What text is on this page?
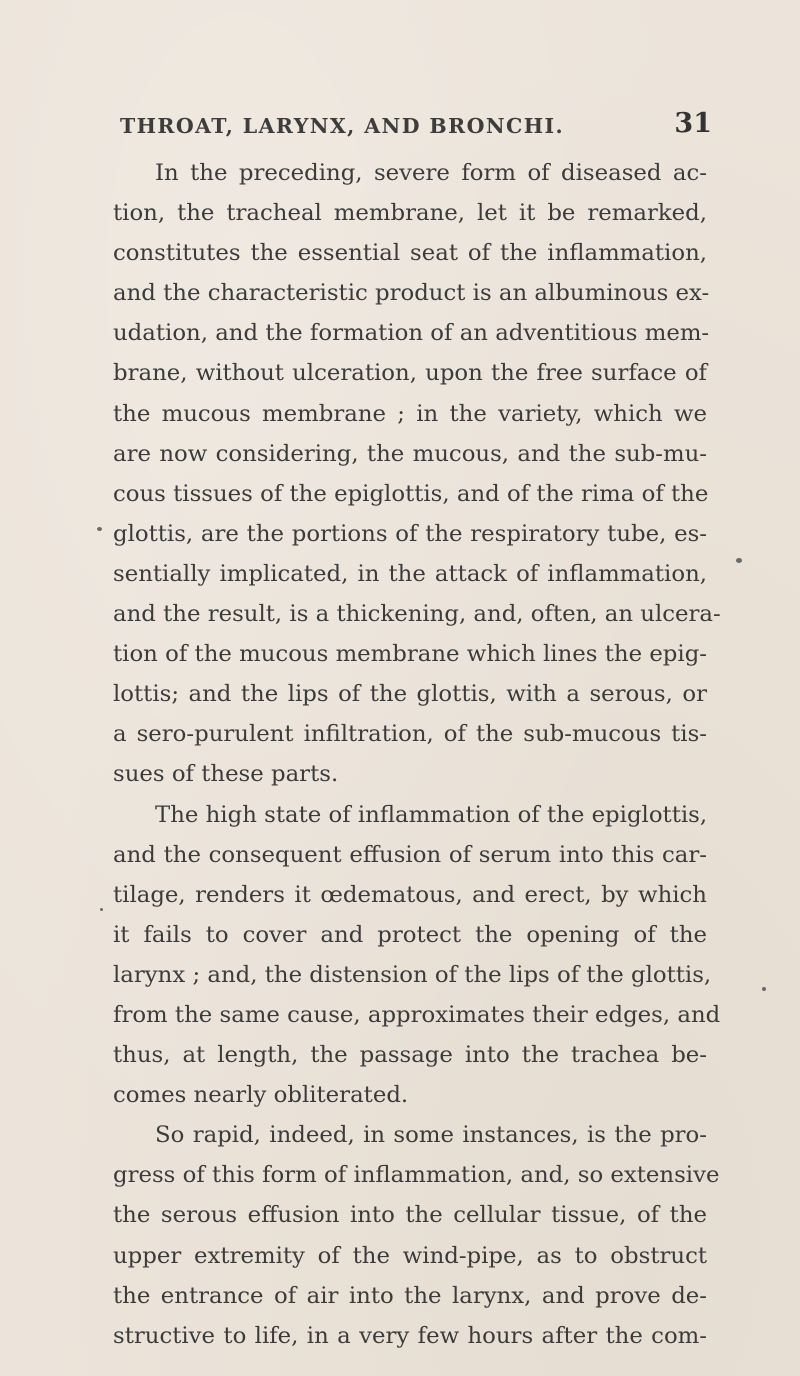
THROAT, LARYNX, AND BRONCHI.	31
In the preceding, severe form of diseased ac-
tion, the tracheal membrane, let it be remarked,
constitutes the essential seat of the inflammation,
and the characteristic product is an albuminous ex-
udation, and the formation of an adventitious mem-
brane, without ulceration, upon the free surface of
the mucous membrane ; in the variety, which we
are now considering, the mucous, and the sub-mu-
cous tissues of the epiglottis, and of the rima of the
glottis, are the portions of the respiratory tube, es-
sentially implicated, in the attack of inflammation,
and the result, is a thickening, and, often, an ulcera-
tion of the mucous membrane which lines the epig-
lottis; and the lips of the glottis, with a serous, or
a sero-purulent infiltration, of the sub-mucous tis-
sues of these parts.
The high state of inflammation of the epiglottis,
and the consequent effusion of serum into this car-
tilage, renders it œdematous, and erect, by which
it fails to cover and protect the opening of the
larynx ; and, the distension of the lips of the glottis,
from the same cause, approximates their edges, and
thus, at length, the passage into the trachea be-
comes nearly obliterated.
So rapid, indeed, in some instances, is the pro-
gress of this form of inflammation, and, so extensive
the serous effusion into the cellular tissue, of the
upper extremity of the wind-pipe, as to obstruct
the entrance of air into the larynx, and prove de-
structive to life, in a very few hours after the com-
